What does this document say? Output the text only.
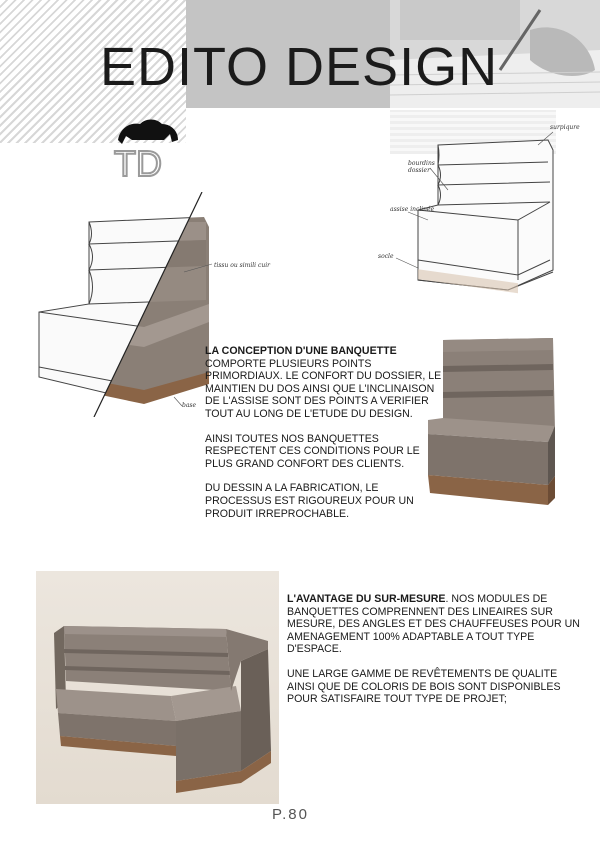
EDITO DESIGN
TD
surpiqure
bourdins dossier
assise inclinée
socle
tissu ou simili cuir
base

LA CONCEPTION D'UNE BANQUETTE
COMPORTE PLUSIEURS POINTS PRIMORDIAUX. LE CONFORT DU DOSSIER, LE MAINTIEN DU DOS AINSI QUE L'INCLINAISON DE L'ASSISE SONT DES POINTS A VERIFIER TOUT AU LONG DE L'ETUDE DU DESIGN.

AINSI TOUTES NOS BANQUETTES RESPECTENT CES CONDITIONS POUR LE PLUS GRAND CONFORT DES CLIENTS.

DU DESSIN A LA FABRICATION, LE PROCESSUS EST RIGOUREUX POUR UN PRODUIT IRREPROCHABLE.

L'AVANTAGE DU SUR-MESURE. NOS MODULES DE BANQUETTES COMPRENNENT DES LINEAIRES SUR MESURE, DES ANGLES ET DES CHAUFFEUSES POUR UN AMENAGEMENT 100% ADAPTABLE A TOUT TYPE D'ESPACE.

UNE LARGE GAMME DE REVÊTEMENTS DE QUALITE AINSI QUE DE COLORIS DE BOIS SONT DISPONIBLES POUR SATISFAIRE TOUT TYPE DE PROJET;

P.80
